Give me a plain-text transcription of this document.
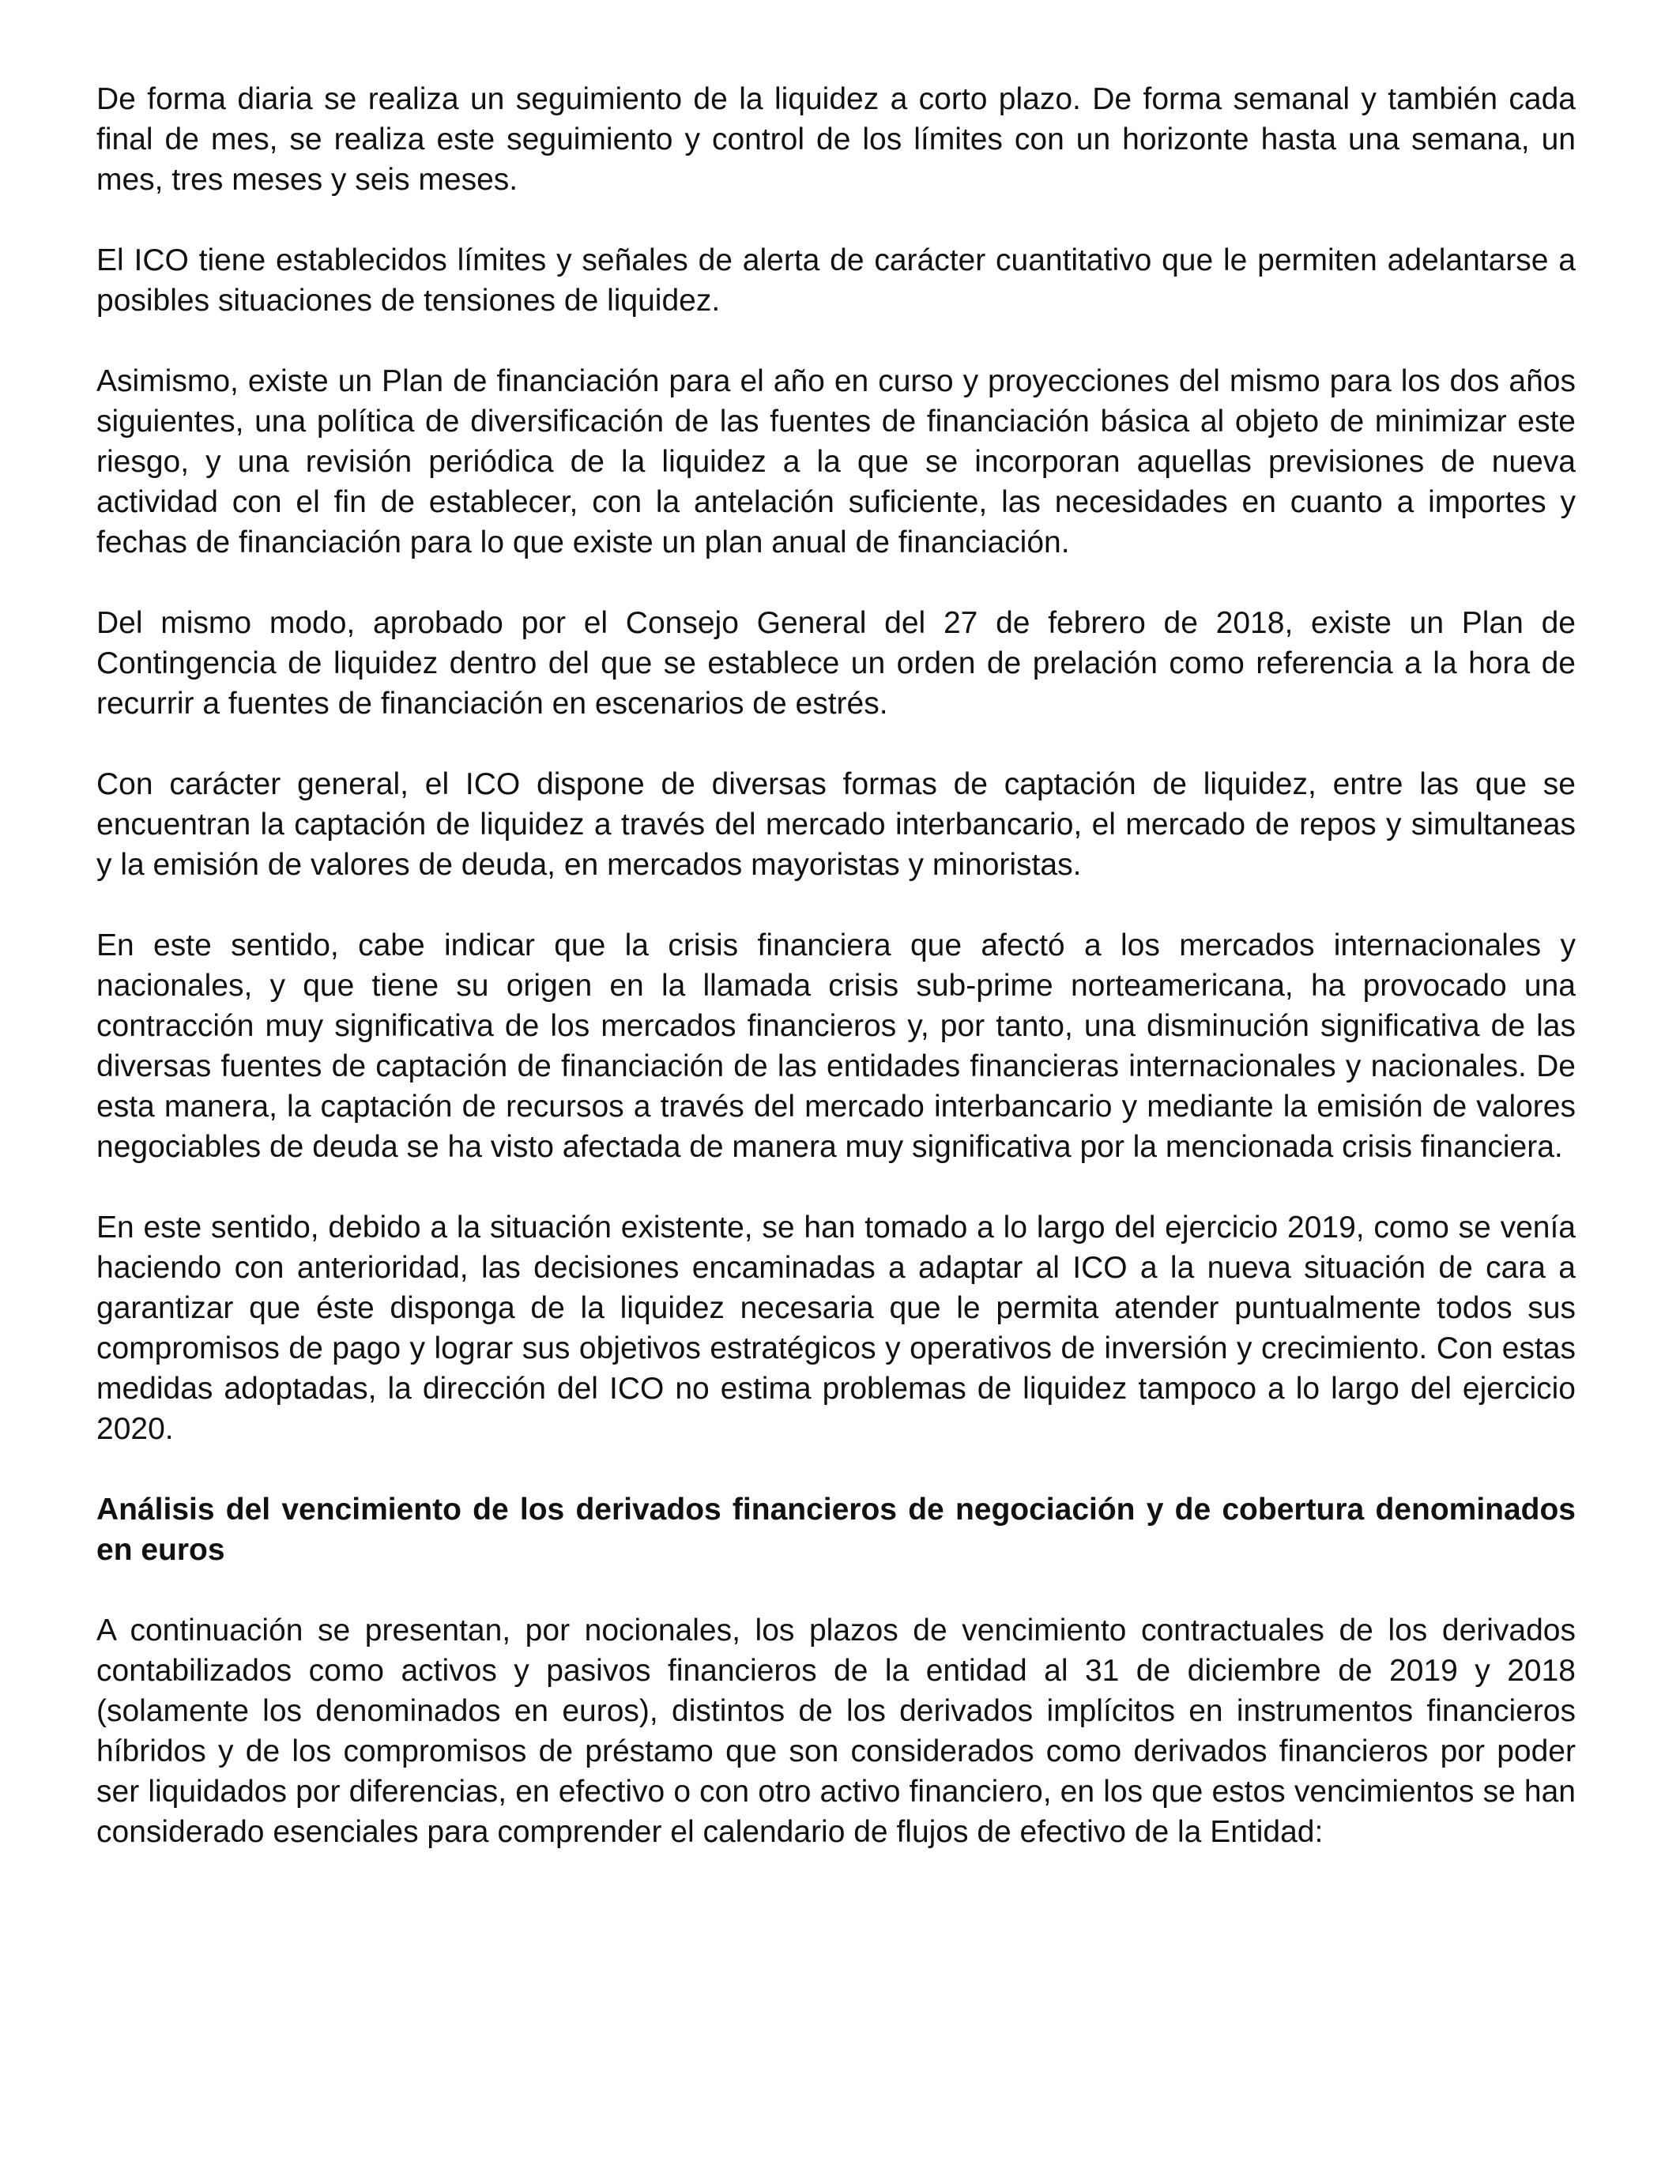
De forma diaria se realiza un seguimiento de la liquidez a corto plazo. De forma semanal y también cada final de mes, se realiza este seguimiento y control de los límites con un horizonte hasta una semana, un mes, tres meses y seis meses.

El ICO tiene establecidos límites y señales de alerta de carácter cuantitativo que le permiten adelantarse a posibles situaciones de tensiones de liquidez.

Asimismo, existe un Plan de financiación para el año en curso y proyecciones del mismo para los dos años siguientes, una política de diversificación de las fuentes de financiación básica al objeto de minimizar este riesgo, y una revisión periódica de la liquidez a la que se incorporan aquellas previsiones de nueva actividad con el fin de establecer, con la antelación suficiente, las necesidades en cuanto a importes y fechas de financiación para lo que existe un plan anual de financiación.

Del mismo modo, aprobado por el Consejo General del 27 de febrero de 2018, existe un Plan de Contingencia de liquidez dentro del que se establece un orden de prelación como referencia a la hora de recurrir a fuentes de financiación en escenarios de estrés.

Con carácter general, el ICO dispone de diversas formas de captación de liquidez, entre las que se encuentran la captación de liquidez a través del mercado interbancario, el mercado de repos y simultaneas y la emisión de valores de deuda, en mercados mayoristas y minoristas.

En este sentido, cabe indicar que la crisis financiera que afectó a los mercados internacionales y nacionales, y que tiene su origen en la llamada crisis sub-prime norteamericana, ha provocado una contracción muy significativa de los mercados financieros y, por tanto, una disminución significativa de las diversas fuentes de captación de financiación de las entidades financieras internacionales y nacionales. De esta manera, la captación de recursos a través del mercado interbancario y mediante la emisión de valores negociables de deuda se ha visto afectada de manera muy significativa por la mencionada crisis financiera.

En este sentido, debido a la situación existente, se han tomado a lo largo del ejercicio 2019, como se venía haciendo con anterioridad, las decisiones encaminadas a adaptar al ICO a la nueva situación de cara a garantizar que éste disponga de la liquidez necesaria que le permita atender puntualmente todos sus compromisos de pago y lograr sus objetivos estratégicos y operativos de inversión y crecimiento. Con estas medidas adoptadas, la dirección del ICO no estima problemas de liquidez tampoco a lo largo del ejercicio 2020.

Análisis del vencimiento de los derivados financieros de negociación y de cobertura denominados en euros

A continuación se presentan, por nocionales, los plazos de vencimiento contractuales de los derivados contabilizados como activos y pasivos financieros de la entidad al 31 de diciembre de 2019 y 2018 (solamente los denominados en euros), distintos de los derivados implícitos en instrumentos financieros híbridos y de los compromisos de préstamo que son considerados como derivados financieros por poder ser liquidados por diferencias, en efectivo o con otro activo financiero, en los que estos vencimientos se han considerado esenciales para comprender el calendario de flujos de efectivo de la Entidad:
